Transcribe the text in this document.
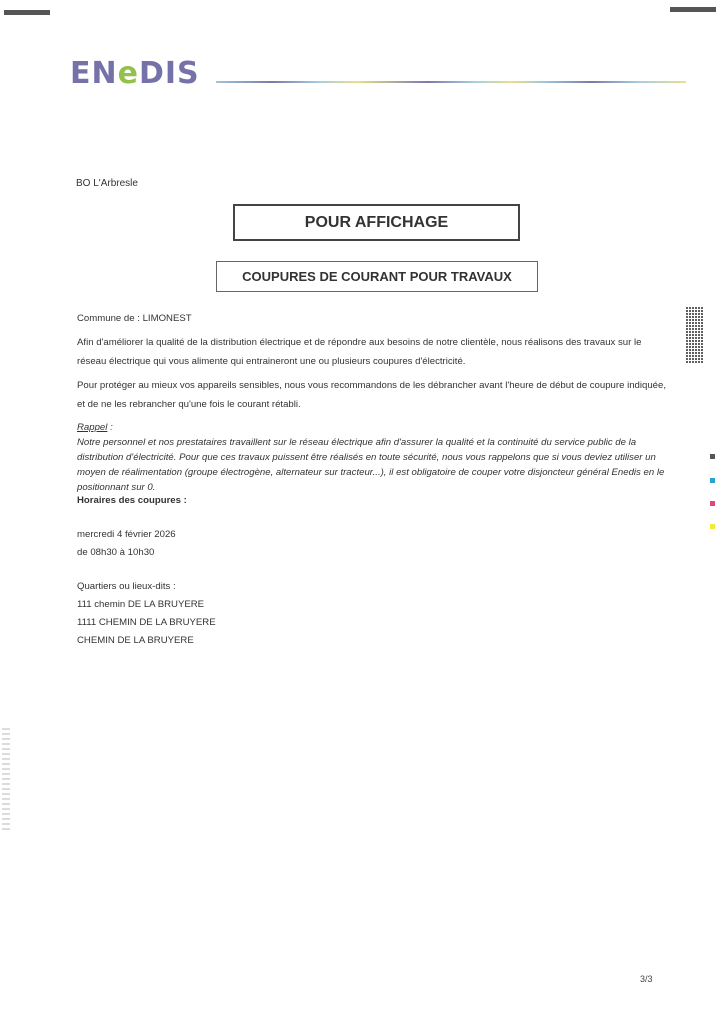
ENeDIS
BO L'Arbresle
POUR AFFICHAGE
COUPURES DE COURANT POUR TRAVAUX
Commune de : LIMONEST
Afin d'améliorer la qualité de la distribution électrique et de répondre aux besoins de notre clientèle, nous réalisons des travaux sur le réseau électrique qui vous alimente qui entraineront une ou plusieurs coupures d'électricité.
Pour protéger au mieux vos appareils sensibles, nous vous recommandons de les débrancher avant l'heure de début de coupure indiquée, et de ne les rebrancher qu'une fois le courant rétabli.
Rappel :
Notre personnel et nos prestataires travaillent sur le réseau électrique afin d'assurer la qualité et la continuité du service public de la distribution d'électricité. Pour que ces travaux puissent être réalisés en toute sécurité, nous vous rappelons que si vous deviez utiliser un moyen de réalimentation (groupe électrogène, alternateur sur tracteur...), il est obligatoire de couper votre disjoncteur général Enedis en le positionnant sur 0.
Horaires des coupures :
mercredi 4 février 2026
de 08h30 à 10h30
Quartiers ou lieux-dits :
111 chemin DE LA BRUYERE
1111 CHEMIN DE LA BRUYERE
CHEMIN DE LA BRUYERE
3/3
